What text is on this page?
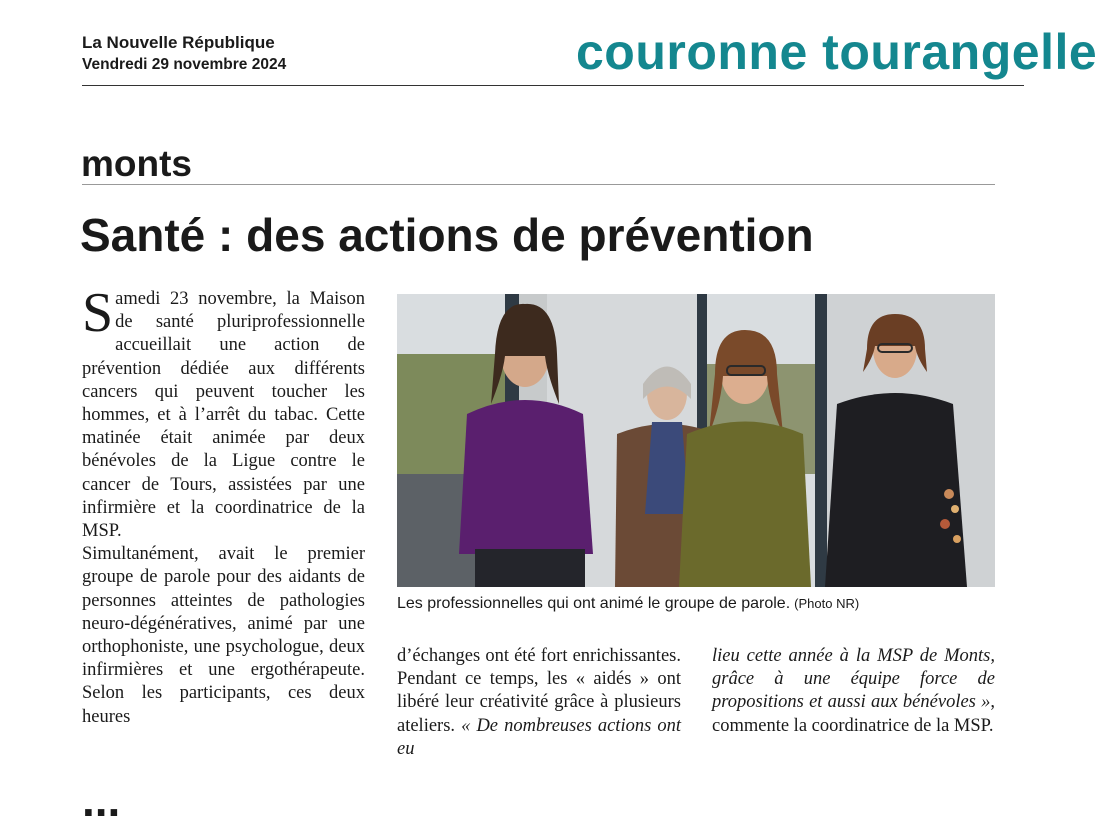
La Nouvelle République
Vendredi 29 novembre 2024	couronne tourangelle
monts
Santé : des actions de prévention

Samedi 23 novembre, la Maison de santé pluriprofessionnelle accueillait une action de prévention dédiée aux différents cancers qui peuvent toucher les hommes, et à l’arrêt du tabac. Cette matinée était animée par deux bénévoles de la Ligue contre le cancer de Tours, assistées par une infirmière et la coordinatrice de la MSP.

Simultanément, avait le premier groupe de parole pour des aidants de personnes atteintes de pathologies neuro-dégénératives, animé par une orthophoniste, une psychologue, deux infirmières et une ergothérapeute. Selon les participants, ces deux heures

Les professionnelles qui ont animé le groupe de parole. (Photo NR)

d’échanges ont été fort enrichissantes. Pendant ce temps, les « aidés » ont libéré leur créativité grâce à plusieurs ateliers. « De nombreuses actions ont eu

lieu cette année à la MSP de Monts, grâce à une équipe force de propositions et aussi aux bénévoles », commente la coordinatrice de la MSP.

...
